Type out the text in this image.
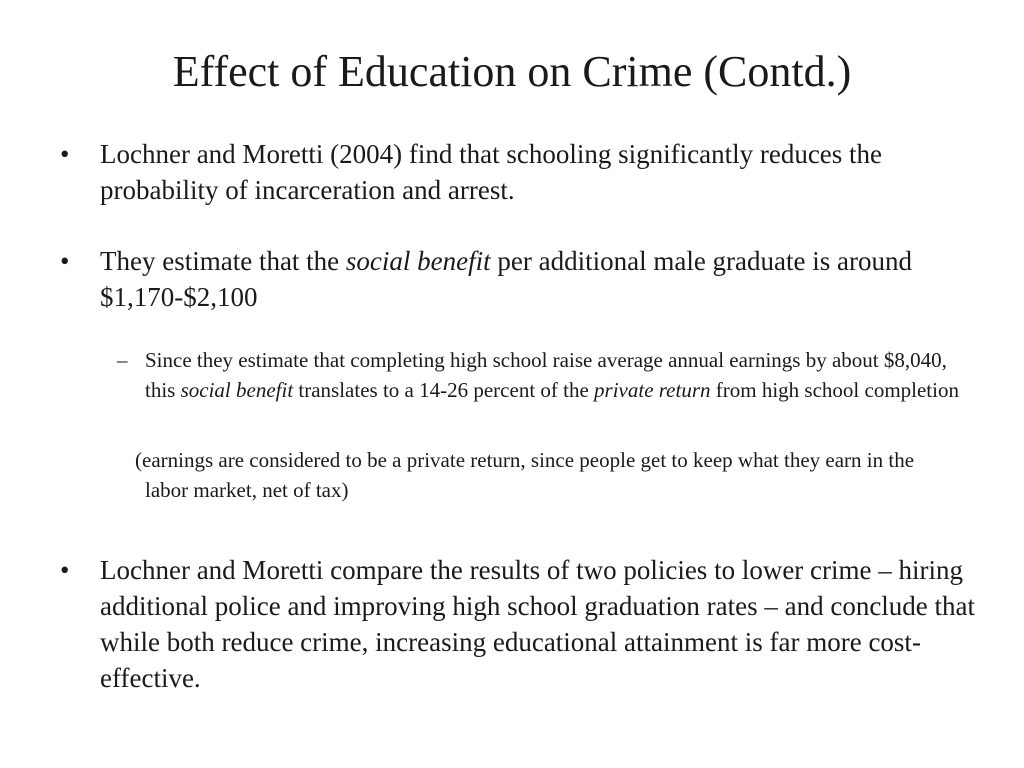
Effect of Education on Crime (Contd.)
• Lochner and Moretti (2004) find that schooling significantly reduces the probability of incarceration and arrest.
• They estimate that the social benefit per additional male graduate is around $1,170-$2,100
– Since they estimate that completing high school raise average annual earnings by about $8,040, this social benefit translates to a 14-26 percent of the private return from high school completion
(earnings are considered to be a private return, since people get to keep what they earn in the labor market, net of tax)
• Lochner and Moretti compare the results of two policies to lower crime – hiring additional police and improving high school graduation rates – and conclude that while both reduce crime, increasing educational attainment is far more cost-effective.
